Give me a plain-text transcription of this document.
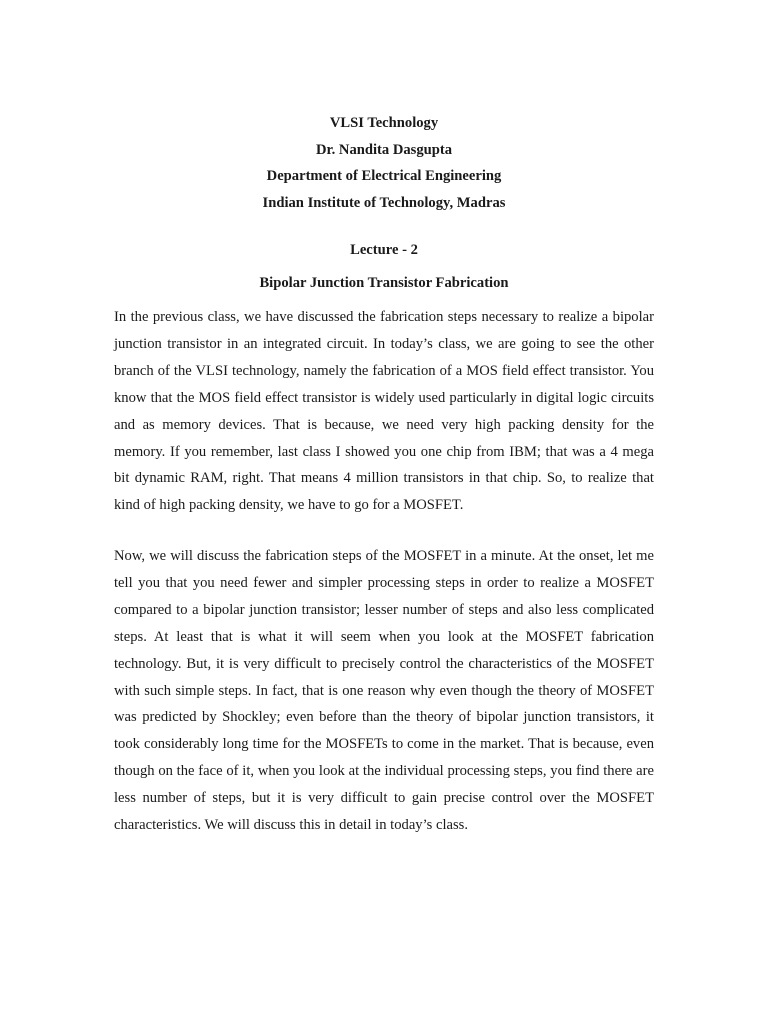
VLSI Technology

Dr. Nandita Dasgupta

Department of Electrical Engineering

Indian Institute of Technology, Madras

Lecture - 2

Bipolar Junction Transistor Fabrication

In the previous class, we have discussed the fabrication steps necessary to realize a bipolar junction transistor in an integrated circuit. In today’s class, we are going to see the other branch of the VLSI technology, namely the fabrication of a MOS field effect transistor. You know that the MOS field effect transistor is widely used particularly in digital logic circuits and as memory devices. That is because, we need very high packing density for the memory. If you remember, last class I showed you one chip from IBM; that was a 4 mega bit dynamic RAM, right. That means 4 million transistors in that chip. So, to realize that kind of high packing density, we have to go for a MOSFET.

Now, we will discuss the fabrication steps of the MOSFET in a minute. At the onset, let me tell you that you need fewer and simpler processing steps in order to realize a MOSFET compared to a bipolar junction transistor; lesser number of steps and also less complicated steps. At least that is what it will seem when you look at the MOSFET fabrication technology. But, it is very difficult to precisely control the characteristics of the MOSFET with such simple steps. In fact, that is one reason why even though the theory of MOSFET was predicted by Shockley; even before than the theory of bipolar junction transistors, it took considerably long time for the MOSFETs to come in the market. That is because, even though on the face of it, when you look at the individual processing steps, you find there are less number of steps, but it is very difficult to gain precise control over the MOSFET characteristics. We will discuss this in detail in today’s class.
